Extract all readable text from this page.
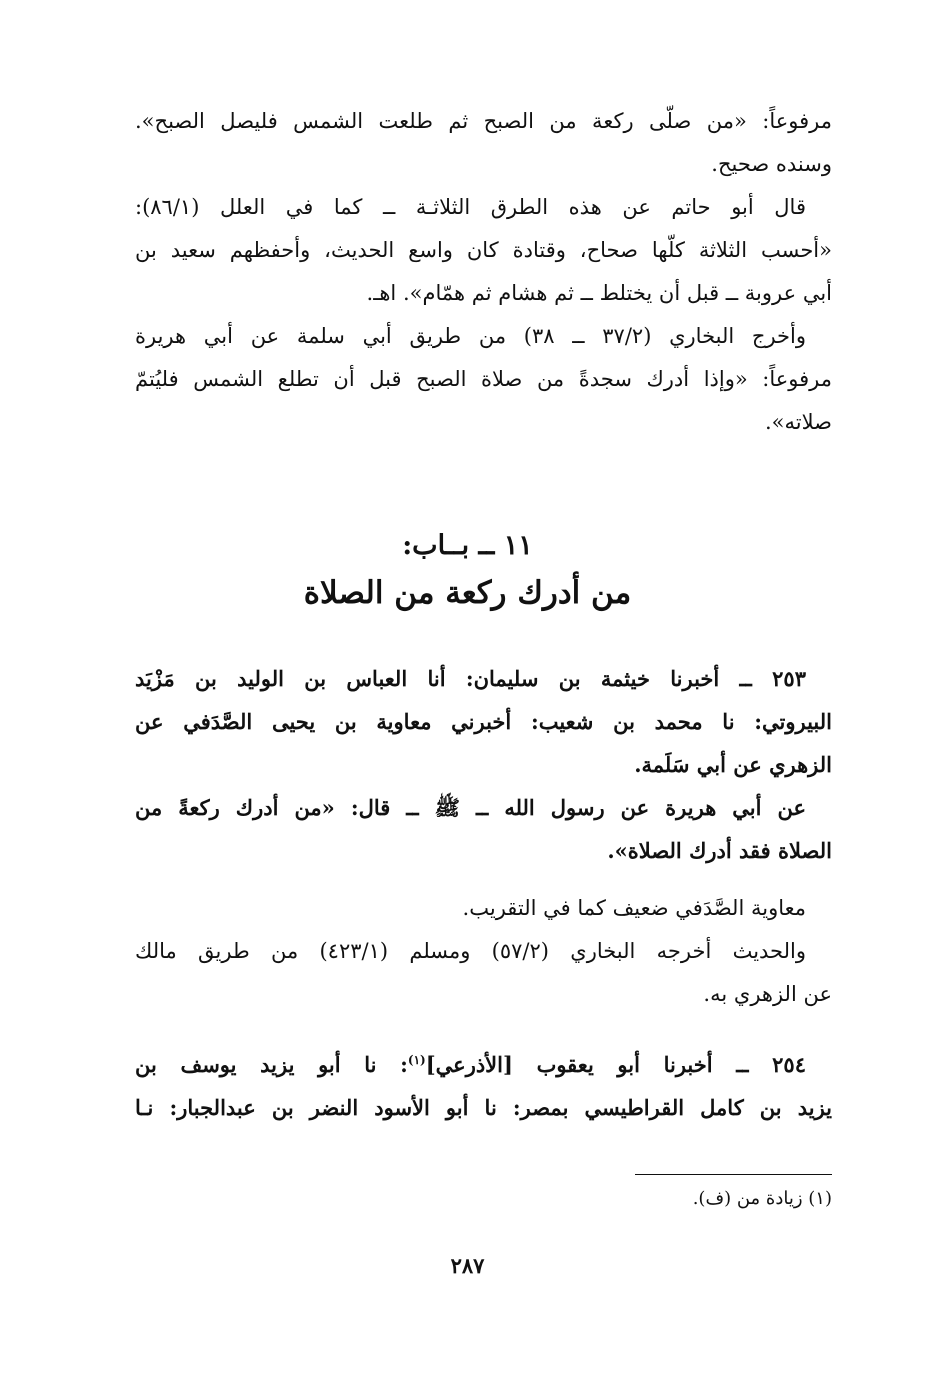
مرفوعاً: «من صلّى ركعة من الصبح ثم طلعت الشمس فليصل الصبح».
وسنده صحيح.
قال أبو حاتم عن هذه الطرق الثلاثـة ــ كما في العلل (٨٦/١):
«أحسب الثلاثة كلّها صحاح، وقتادة كان واسع الحديث، وأحفظهم سعيد بن
أبي عروبة ــ قبل أن يختلط ــ ثم هشام ثم همّام». اهـ.
وأخرج البخاري (٣٧/٢ ــ ٣٨) من طريق أبي سلمة عن أبي هريرة
مرفوعاً: «وإذا أدرك سجدةً من صلاة الصبح قبل أن تطلع الشمس فليُتمّ
صلاته».
١١ ــ بــاب:
من أدرك ركعة من الصلاة
٢٥٣ ــ أخبرنا خيثمة بن سليمان: أنا العباس بن الوليد بن مَزْيَد
البيروتي: نا محمد بن شعيب: أخبرني معاوية بن يحيى الصَّدَفي عن
الزهري عن أبي سَلَمة.
عن أبي هريرة عن رسول الله ــ ﷺ ــ قال: «من أدرك ركعةً من
الصلاة فقد أدرك الصلاة».
معاوية الصَّدَفي ضعيف كما في التقريب.
والحديث أخرجه البخاري (٥٧/٢) ومسلم (٤٢٣/١) من طريق مالك
عن الزهري به.
٢٥٤ ــ أخبرنا أبو يعقوب [الأذرعي]$^{(١)}$: نا أبو يزيد يوسف بن
يزيد بن كامل القراطيسي بمصر: نا أبو الأسود النضر بن عبدالجبار: نـا
(١) زيادة من (ف).
٢٨٧
